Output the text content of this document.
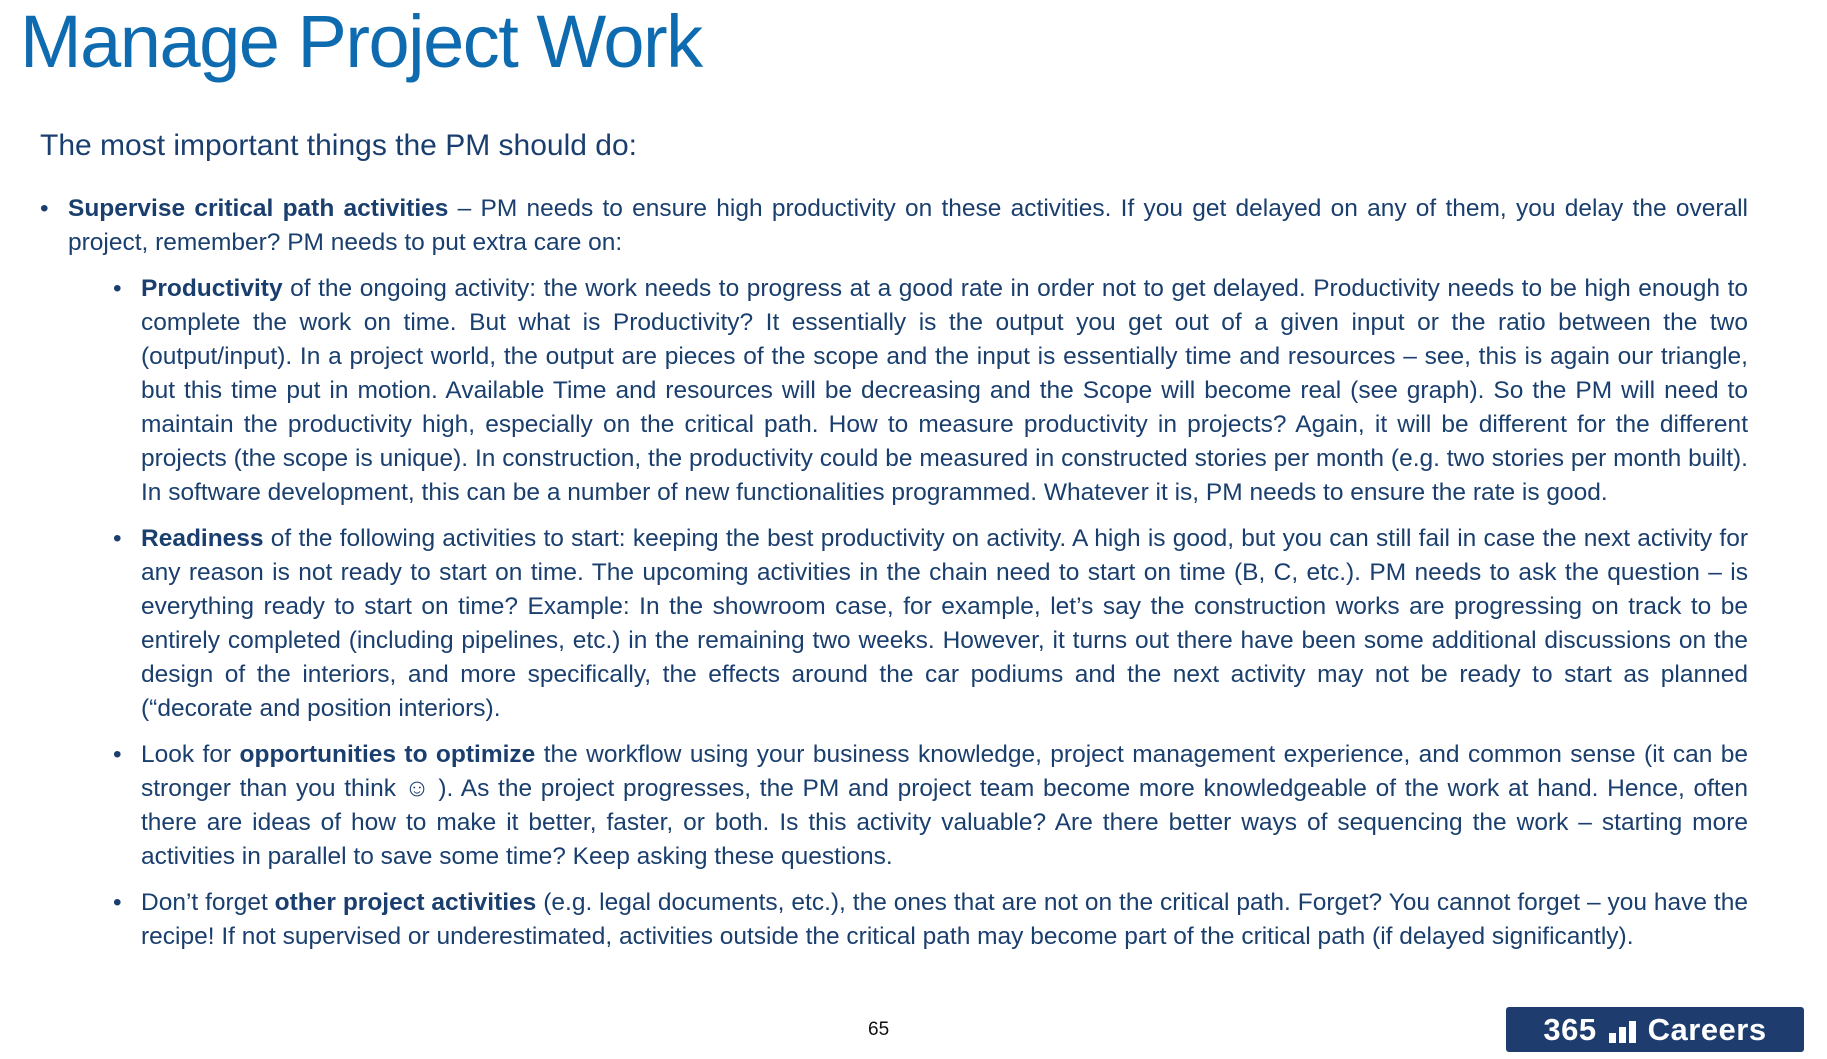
Manage Project Work

The most important things the PM should do:

• Supervise critical path activities – PM needs to ensure high productivity on these activities. If you get delayed on any of them, you delay the overall project, remember? PM needs to put extra care on:
• Productivity of the ongoing activity: the work needs to progress at a good rate in order not to get delayed. Productivity needs to be high enough to complete the work on time. But what is Productivity? It essentially is the output you get out of a given input or the ratio between the two (output/input). In a project world, the output are pieces of the scope and the input is essentially time and resources – see, this is again our triangle, but this time put in motion. Available Time and resources will be decreasing and the Scope will become real (see graph). So the PM will need to maintain the productivity high, especially on the critical path. How to measure productivity in projects? Again, it will be different for the different projects (the scope is unique). In construction, the productivity could be measured in constructed stories per month (e.g. two stories per month built). In software development, this can be a number of new functionalities programmed. Whatever it is, PM needs to ensure the rate is good.
• Readiness of the following activities to start: keeping the best productivity on activity. A high is good, but you can still fail in case the next activity for any reason is not ready to start on time. The upcoming activities in the chain need to start on time (B, C, etc.). PM needs to ask the question – is everything ready to start on time? Example: In the showroom case, for example, let’s say the construction works are progressing on track to be entirely completed (including pipelines, etc.) in the remaining two weeks. However, it turns out there have been some additional discussions on the design of the interiors, and more specifically, the effects around the car podiums and the next activity may not be ready to start as planned (“decorate and position interiors).
• Look for opportunities to optimize the workflow using your business knowledge, project management experience, and common sense (it can be stronger than you think ☺ ). As the project progresses, the PM and project team become more knowledgeable of the work at hand. Hence, often there are ideas of how to make it better, faster, or both. Is this activity valuable? Are there better ways of sequencing the work – starting more activities in parallel to save some time? Keep asking these questions.
• Don’t forget other project activities (e.g. legal documents, etc.), the ones that are not on the critical path. Forget? You cannot forget – you have the recipe! If not supervised or underestimated, activities outside the critical path may become part of the critical path (if delayed significantly).
65	365 Careers
